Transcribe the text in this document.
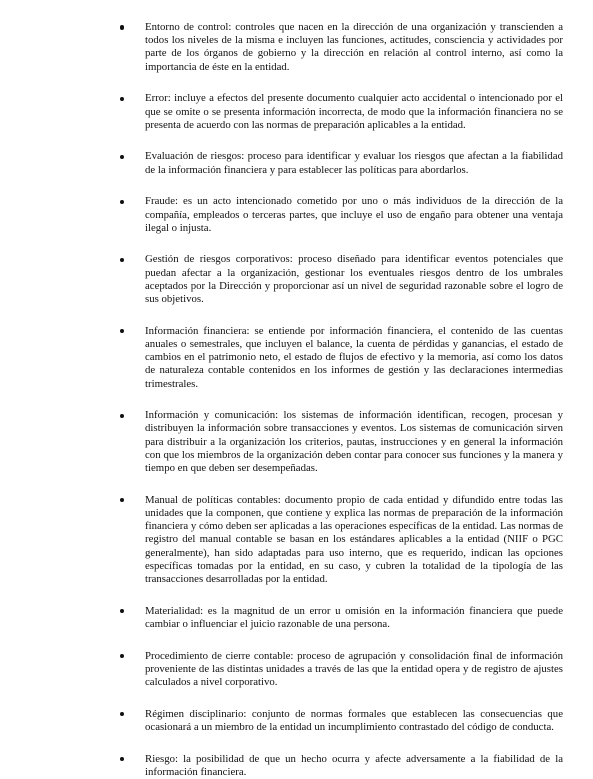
Entorno de control: controles que nacen en la dirección de una organización y transcienden a todos los niveles de la misma e incluyen las funciones, actitudes, consciencia y actividades por parte de los órganos de gobierno y la dirección en relación al control interno, así como la importancia de éste en la entidad.
Error: incluye a efectos del presente documento cualquier acto accidental o intencionado por el que se omite o se presenta información incorrecta, de modo que la información financiera no se presenta de acuerdo con las normas de preparación aplicables a la entidad.
Evaluación de riesgos: proceso para identificar y evaluar los riesgos que afectan a la fiabilidad de la información financiera y para establecer las políticas para abordarlos.
Fraude: es un acto intencionado cometido por uno o más individuos de la dirección de la compañía, empleados o terceras partes, que incluye el uso de engaño para obtener una ventaja ilegal o injusta.
Gestión de riesgos corporativos: proceso diseñado para identificar eventos potenciales que puedan afectar a la organización, gestionar los eventuales riesgos dentro de los umbrales aceptados por la Dirección y proporcionar así un nivel de seguridad razonable sobre el logro de sus objetivos.
Información financiera: se entiende por información financiera, el contenido de las cuentas anuales o semestrales, que incluyen el balance, la cuenta de pérdidas y ganancias, el estado de cambios en el patrimonio neto, el estado de flujos de efectivo y la memoria, así como los datos de naturaleza contable contenidos en los informes de gestión y las declaraciones intermedias trimestrales.
Información y comunicación: los sistemas de información identifican, recogen, procesan y distribuyen la información sobre transacciones y eventos. Los sistemas de comunicación sirven para distribuir a la organización los criterios, pautas, instrucciones y en general la información con que los miembros de la organización deben contar para conocer sus funciones y la manera y tiempo en que deben ser desempeñadas.
Manual de políticas contables: documento propio de cada entidad y difundido entre todas las unidades que la componen, que contiene y explica las normas de preparación de la información financiera y cómo deben ser aplicadas a las operaciones específicas de la entidad. Las normas de registro del manual contable se basan en los estándares aplicables a la entidad (NIIF o PGC generalmente), han sido adaptadas para uso interno, que es requerido, indican las opciones específicas tomadas por la entidad, en su caso, y cubren la totalidad de la tipología de las transacciones desarrolladas por la entidad.
Materialidad: es la magnitud de un error u omisión en la información financiera que puede cambiar o influenciar el juicio razonable de una persona.
Procedimiento de cierre contable: proceso de agrupación y consolidación final de información proveniente de las distintas unidades a través de las que la entidad opera y de registro de ajustes calculados a nivel corporativo.
Régimen disciplinario: conjunto de normas formales que establecen las consecuencias que ocasionará a un miembro de la entidad un incumplimiento contrastado del código de conducta.
Riesgo: la posibilidad de que un hecho ocurra y afecte adversamente a la fiabilidad de la información financiera.
